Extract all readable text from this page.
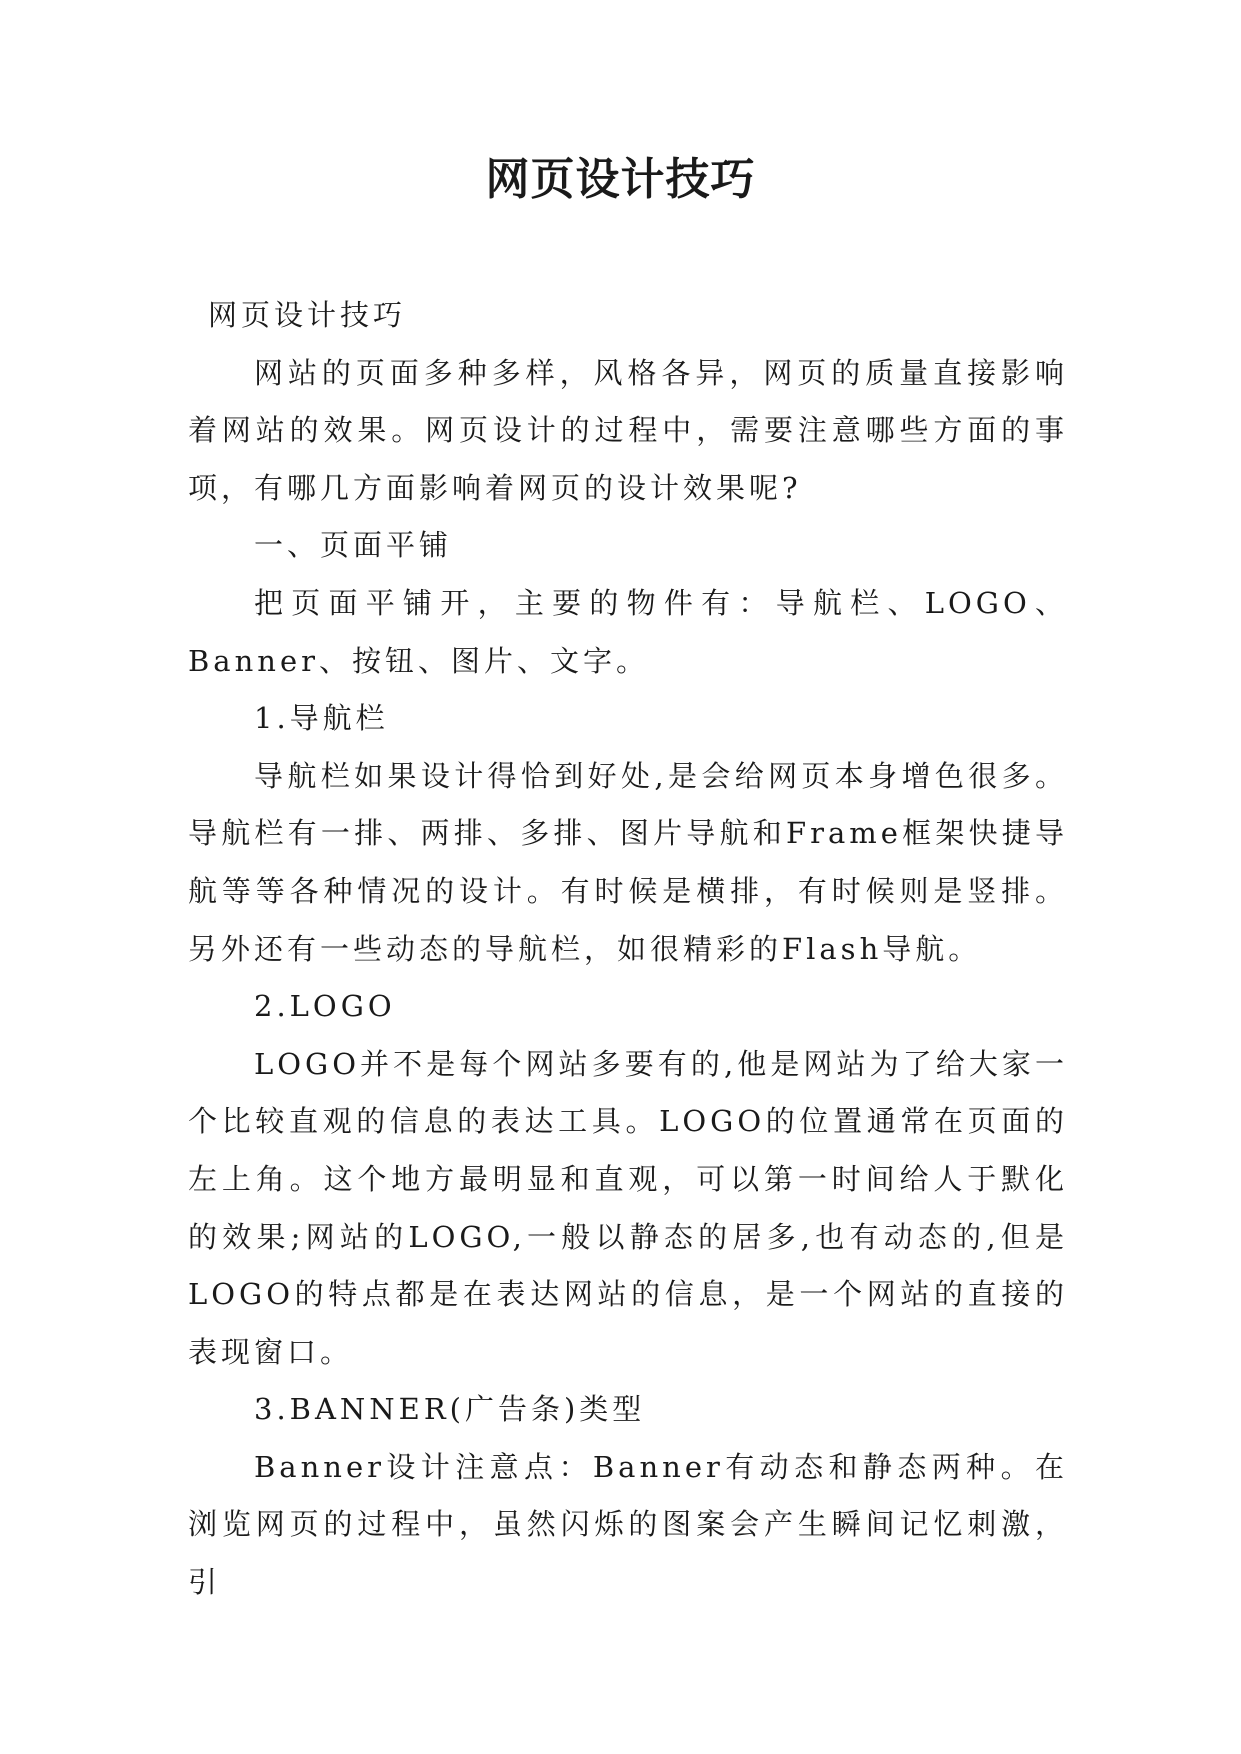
网页设计技巧

网页设计技巧

网站的页面多种多样，风格各异，网页的质量直接影响着网站的效果。网页设计的过程中，需要注意哪些方面的事项，有哪几方面影响着网页的设计效果呢?

一、页面平铺

把页面平铺开，主要的物件有：导航栏、LOGO、Banner、按钮、图片、文字。

1.导航栏

导航栏如果设计得恰到好处,是会给网页本身增色很多。导航栏有一排、两排、多排、图片导航和Frame框架快捷导航等等各种情况的设计。有时候是横排，有时候则是竖排。另外还有一些动态的导航栏，如很精彩的Flash导航。

2.LOGO

LOGO并不是每个网站多要有的,他是网站为了给大家一个比较直观的信息的表达工具。LOGO的位置通常在页面的左上角。这个地方最明显和直观，可以第一时间给人于默化的效果;网站的LOGO,一般以静态的居多,也有动态的,但是LOGO的特点都是在表达网站的信息，是一个网站的直接的表现窗口。

3.BANNER(广告条)类型

Banner设计注意点：Banner有动态和静态两种。在浏览网页的过程中，虽然闪烁的图案会产生瞬间记忆刺激，引
